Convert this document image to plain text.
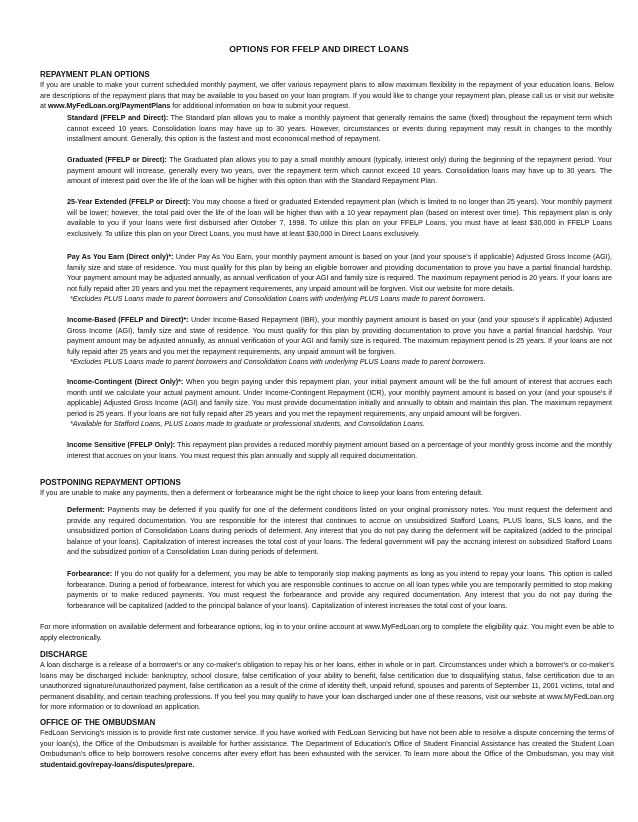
OPTIONS FOR FFELP AND DIRECT LOANS

REPAYMENT PLAN OPTIONS

If you are unable to make your current scheduled monthly payment, we offer various repayment plans to allow maximum flexibility in the repayment of your education loans. Below are descriptions of the repayment plans that may be available to you based on your loan program. If you would like to change your repayment plan, please call us or visit our website at www.MyFedLoan.org/PaymentPlans for additional information on how to submit your request.

Standard (FFELP and Direct): The Standard plan allows you to make a monthly payment that generally remains the same (fixed) throughout the repayment term which cannot exceed 10 years. Consolidation loans may have up to 30 years. However, circumstances or events during repayment may result in changes to the monthly installment amount. Generally, this option is the fastest and most economical method of repayment.

Graduated (FFELP or Direct): The Graduated plan allows you to pay a small monthly amount (typically, interest only) during the beginning of the repayment period. Your payment amount will increase, generally every two years, over the repayment term which cannot exceed 10 years. Consolidation loans may have up to 30 years. The amount of interest paid over the life of the loan will be higher with this option than with the Standard Repayment Plan.

25-Year Extended (FFELP or Direct): You may choose a fixed or graduated Extended repayment plan (which is limited to no longer than 25 years). Your monthly payment will be lower; however, the total paid over the life of the loan will be higher than with a 10 year repayment plan (based on interest over time). This repayment plan is only available to you if your loans were first disbursed after October 7, 1998. To utilize this plan on your FFELP Loans, you must have at least $30,000 in FFELP Loans exclusively. To utilize this plan on your Direct Loans, you must have at least $30,000 in Direct Loans exclusively.

Pay As You Earn (Direct only)*: Under Pay As You Earn, your monthly payment amount is based on your (and your spouse’s if applicable) Adjusted Gross Income (AGI), family size and state of residence. You must qualify for this plan by being an eligible borrower and providing documentation to prove you have a partial financial hardship. Your payment amount may be adjusted annually, as annual verification of your AGI and family size is required. The maximum repayment period is 20 years. If your loans are not fully repaid after 20 years and you met the repayment requirements, any unpaid amount will be forgiven. Visit our website for more details.

*Excludes PLUS Loans made to parent borrowers and Consolidation Loans with underlying PLUS Loans made to parent borrowers.

Income-Based (FFELP and Direct)*: Under Income-Based Repayment (IBR), your monthly payment amount is based on your (and your spouse’s if applicable) Adjusted Gross Income (AGI), family size and state of residence. You must qualify for this plan by providing documentation to prove you have a partial financial hardship. Your payment amount may be adjusted annually, as annual verification of your AGI and family size is required. The maximum repayment period is 25 years. If your loans are not fully repaid after 25 years and you met the repayment requirements, any unpaid amount will be forgiven.

*Excludes PLUS Loans made to parent borrowers and Consolidation Loans with underlying PLUS Loans made to parent borrowers.

Income-Contingent (Direct Only)*: When you begin paying under this repayment plan, your initial payment amount will be the full amount of interest that accrues each month until we calculate your actual payment amount. Under Income-Contingent Repayment (ICR), your monthly payment amount is based on your (and your spouse’s if applicable) Adjusted Gross Income (AGI) and family size. You must provide documentation initially and annually to obtain and maintain this plan. The maximum repayment period is 25 years. If your loans are not fully repaid after 25 years and you met the repayment requirements, any unpaid amount will be forgiven.

*Available for Stafford Loans, PLUS Loans made to graduate or professional students, and Consolidation Loans.

Income Sensitive (FFELP Only): This repayment plan provides a reduced monthly payment amount based on a percentage of your monthly gross income and the monthly interest that accrues on your loans. You must request this plan annually and supply all required documentation.

POSTPONING REPAYMENT OPTIONS

If you are unable to make any payments, then a deferment or forbearance might be the right choice to keep your loans from entering default.

Deferment: Payments may be deferred if you qualify for one of the deferment conditions listed on your original promissory notes. You must request the deferment and provide any required documentation. You are responsible for the interest that continues to accrue on unsubsidized Stafford Loans, PLUS loans, SLS loans, and the unsubsidized portion of Consolidation Loans during periods of deferment. Any interest that you do not pay during the deferment will be capitalized (added to the principal balance of your loans). Capitalization of interest increases the total cost of your loans. The federal government will pay the accruing interest on subsidized Stafford Loans and the subsidized portion of a Consolidation Loan during periods of deferment.

Forbearance: If you do not qualify for a deferment, you may be able to temporarily stop making payments as long as you intend to repay your loans. This option is called forbearance. During a period of forbearance, interest for which you are responsible continues to accrue on all loan types while you are temporarily permitted to stop making payments or to make reduced payments. You must request the forbearance and provide any required documentation. Any interest that you do not pay during the forbearance will be capitalized (added to the principal balance of your loans). Capitalization of interest increases the total cost of your loans.

For more information on available deferment and forbearance options, log in to your online account at www.MyFedLoan.org to complete the eligibility quiz. You might even be able to apply electronically.

DISCHARGE

A loan discharge is a release of a borrower's or any co-maker's obligation to repay his or her loans, either in whole or in part. Circumstances under which a borrower's or co-maker's loans may be discharged include: bankruptcy, school closure, false certification of your ability to benefit, false certification due to disqualifying status, false certification due to an unauthorized signature/unauthorized payment, false certification as a result of the crime of identity theft, unpaid refund, spouses and parents of September 11, 2001 victims, total and permanent disability, and certain teaching professions. If you feel you may qualify to have your loan discharged under one of these reasons, visit our website at www.MyFedLoan.org for more information or to download an application.

OFFICE OF THE OMBUDSMAN

FedLoan Servicing's mission is to provide first rate customer service. If you have worked with FedLoan Servicing but have not been able to resolve a dispute concerning the terms of your loan(s), the Office of the Ombudsman is available for further assistance. The Department of Education’s Office of Student Financial Assistance has created the Student Loan Ombudsman's office to help borrowers resolve concerns after every effort has been exhausted with the servicer. To learn more about the Office of the Ombudsman, you may visit studentaid.gov/repay-loans/disputes/prepare.
